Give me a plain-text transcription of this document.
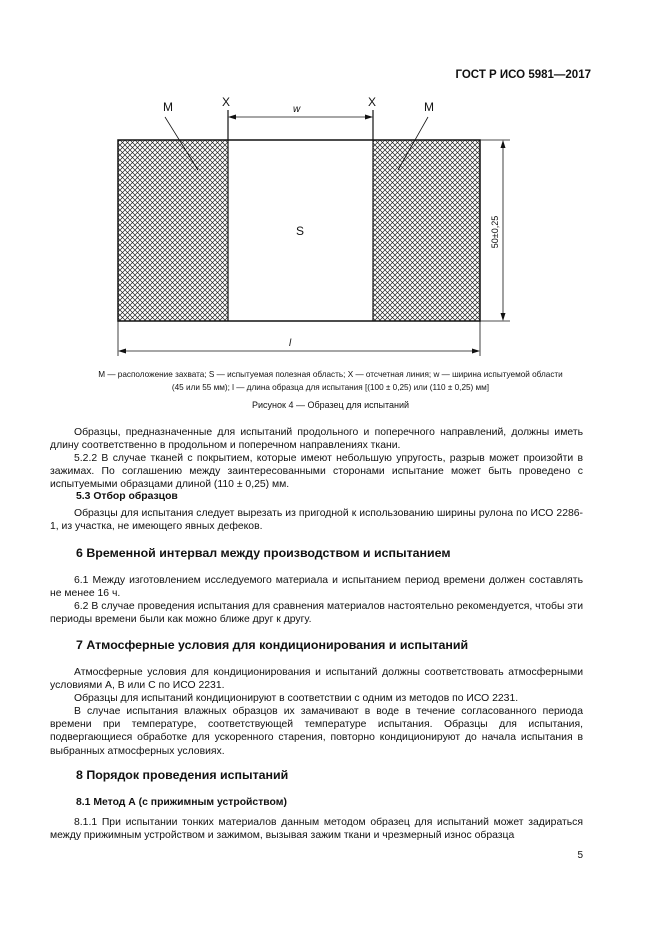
ГОСТ Р ИСО 5981—2017
M	X
w
X	M
S	50±0,25
l
M — расположение захвата; S — испытуемая полезная область; X — отсчетная линия; w — ширина испытуемой области
(45 или 55 мм); l — длина образца для испытания [(100 ± 0,25) или (110 ± 0,25) мм]
Рисунок 4 — Образец для испытаний

Образцы, предназначенные для испытаний продольного и поперечного направлений, должны иметь длину соответственно в продольном и поперечном направлениях ткани.

5.2.2 В случае тканей с покрытием, которые имеют небольшую упругость, разрыв может произойти в зажимах. По соглашению между заинтересованными сторонами испытание может быть проведено с испытуемыми образцами длиной (110 ± 0,25) мм.

5.3 Отбор образцов

Образцы для испытания следует вырезать из пригодной к использованию ширины рулона по ИСО 2286-1, из участка, не имеющего явных дефеков.

6 Временной интервал между производством и испытанием

6.1 Между изготовлением исследуемого материала и испытанием период времени должен составлять не менее 16 ч.

6.2 В случае проведения испытания для сравнения материалов настоятельно рекомендуется, чтобы эти периоды времени были как можно ближе друг к другу.

7 Атмосферные условия для кондиционирования и испытаний

Атмосферные условия для кондиционирования и испытаний должны соответствовать атмосферными условиями А, В или С по ИСО 2231.

Образцы для испытаний кондиционируют в соответствии с одним из методов по ИСО 2231.

В случае испытания влажных образцов их замачивают в воде в течение согласованного периода времени при температуре, соответствующей температуре испытания. Образцы для испытания, подвергающиеся обработке для ускоренного старения, повторно кондиционируют до начала испытания в выбранных атмосферных условиях.

8 Порядок проведения испытаний
8.1 Метод А (с прижимным устройством)

8.1.1 При испытании тонких материалов данным методом образец для испытаний может задираться между прижимным устройством и зажимом, вызывая зажим ткани и чрезмерный износ образца

5
